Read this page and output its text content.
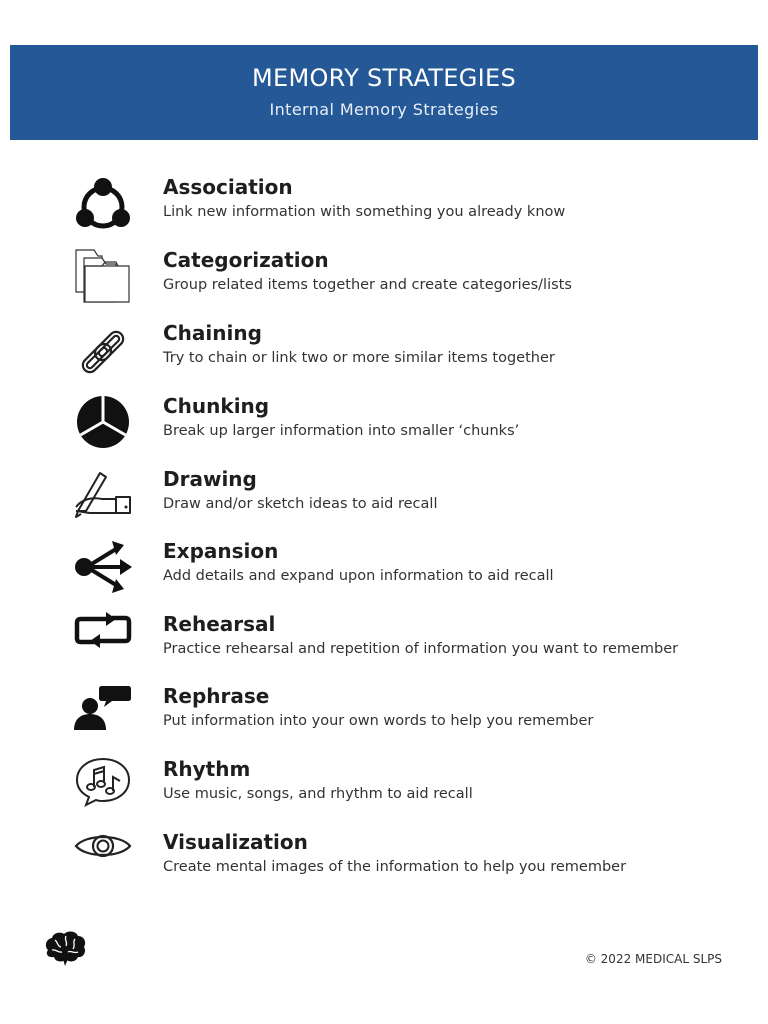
MEMORY STRATEGIES
Internal Memory Strategies
Association
Link new information with something you already know
Categorization
Group related items together and create categories/lists
Chaining
Try to chain or link two or more similar items together
Chunking
Break up larger information into smaller ‘chunks’
Drawing
Draw and/or sketch ideas to aid recall
Expansion
Add details and expand upon information to aid recall
Rehearsal
Practice rehearsal and repetition of information you want to remember
Rephrase
Put information into your own words to help you remember
Rhythm
Use music, songs, and rhythm to aid recall
Visualization
Create mental images of the information to help you remember
© 2022 MEDICAL SLPS
